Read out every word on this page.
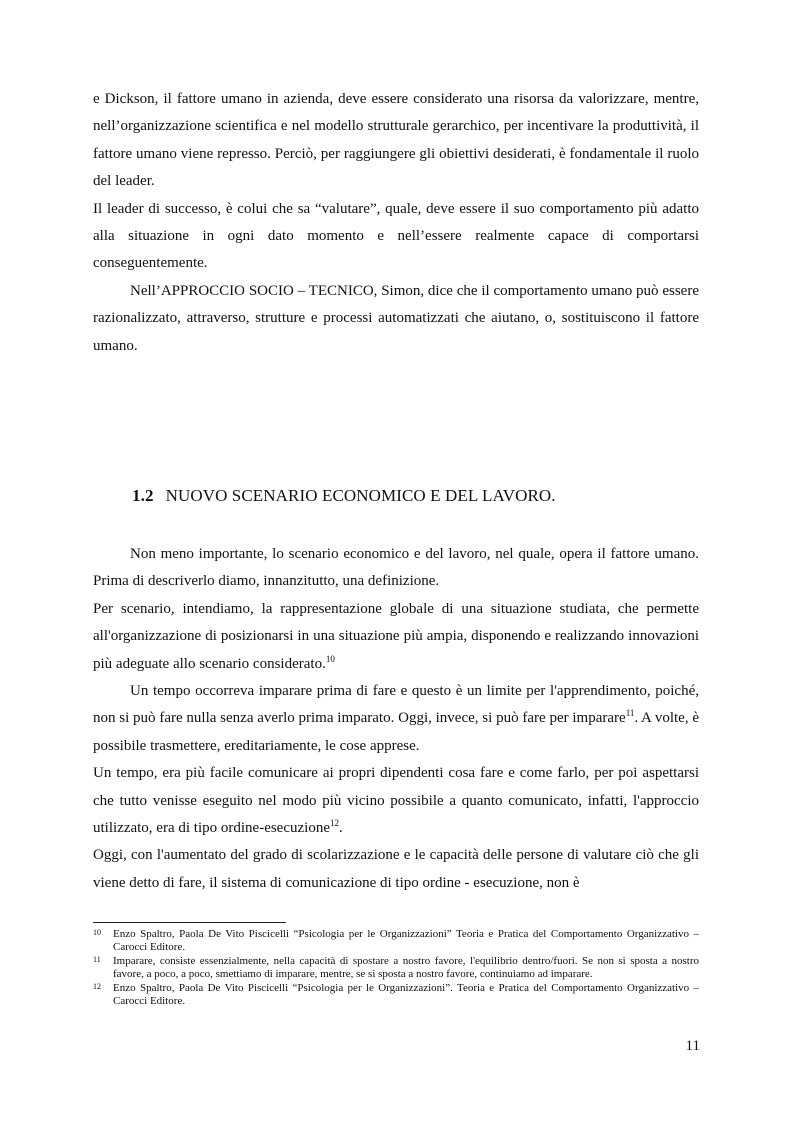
e Dickson, il fattore umano in azienda, deve essere considerato una risorsa da valorizzare, mentre, nell’organizzazione scientifica e nel modello strutturale gerarchico, per incentivare la produttività, il fattore umano viene represso. Perciò, per raggiungere gli obiettivi desiderati, è fondamentale il ruolo del leader.

Il leader di successo, è colui che sa “valutare”, quale, deve essere il suo comportamento più adatto alla situazione in ogni dato momento e nell’essere realmente capace di comportarsi conseguentemente.

Nell’APPROCCIO SOCIO – TECNICO, Simon, dice che il comportamento umano può essere razionalizzato, attraverso, strutture e processi automatizzati che aiutano, o, sostituiscono il fattore umano.

1.2 NUOVO SCENARIO ECONOMICO E DEL LAVORO.

Non meno importante, lo scenario economico e del lavoro, nel quale, opera il fattore umano. Prima di descriverlo diamo, innanzitutto, una definizione.

Per scenario, intendiamo, la rappresentazione globale di una situazione studiata, che permette all'organizzazione di posizionarsi in una situazione più ampia, disponendo e realizzando innovazioni più adeguate allo scenario considerato.$^{10}$

Un tempo occorreva imparare prima di fare e questo è un limite per l'apprendimento, poiché, non si può fare nulla senza averlo prima imparato. Oggi, invece, si può fare per imparare$^{11}$. A volte, è possibile trasmettere, ereditariamente, le cose apprese.

Un tempo, era più facile comunicare ai propri dipendenti cosa fare e come farlo, per poi aspettarsi che tutto venisse eseguito nel modo più vicino possibile a quanto comunicato, infatti, l'approccio utilizzato, era di tipo ordine-esecuzione$^{12}$.

Oggi, con l'aumentato del grado di scolarizzazione e le capacità delle persone di valutare ciò che gli viene detto di fare, il sistema di comunicazione di tipo ordine - esecuzione, non è

10	Enzo Spaltro, Paola De Vito Piscicelli “Psicologia per le Organizzazioni” Teoria e Pratica del Comportamento Organizzativo – Carocci Editore.
11	Imparare, consiste essenzialmente, nella capacità di spostare a nostro favore, l'equilibrio dentro/fuori. Se non si sposta a nostro favore, a poco, a poco, smettiamo di imparare, mentre, se si sposta a nostro favore, continuiamo ad imparare.
12	Enzo Spaltro, Paola De Vito Piscicelli “Psicologia per le Organizzazioni”. Teoria e Pratica del Comportamento Organizzativo – Carocci Editore.
11
